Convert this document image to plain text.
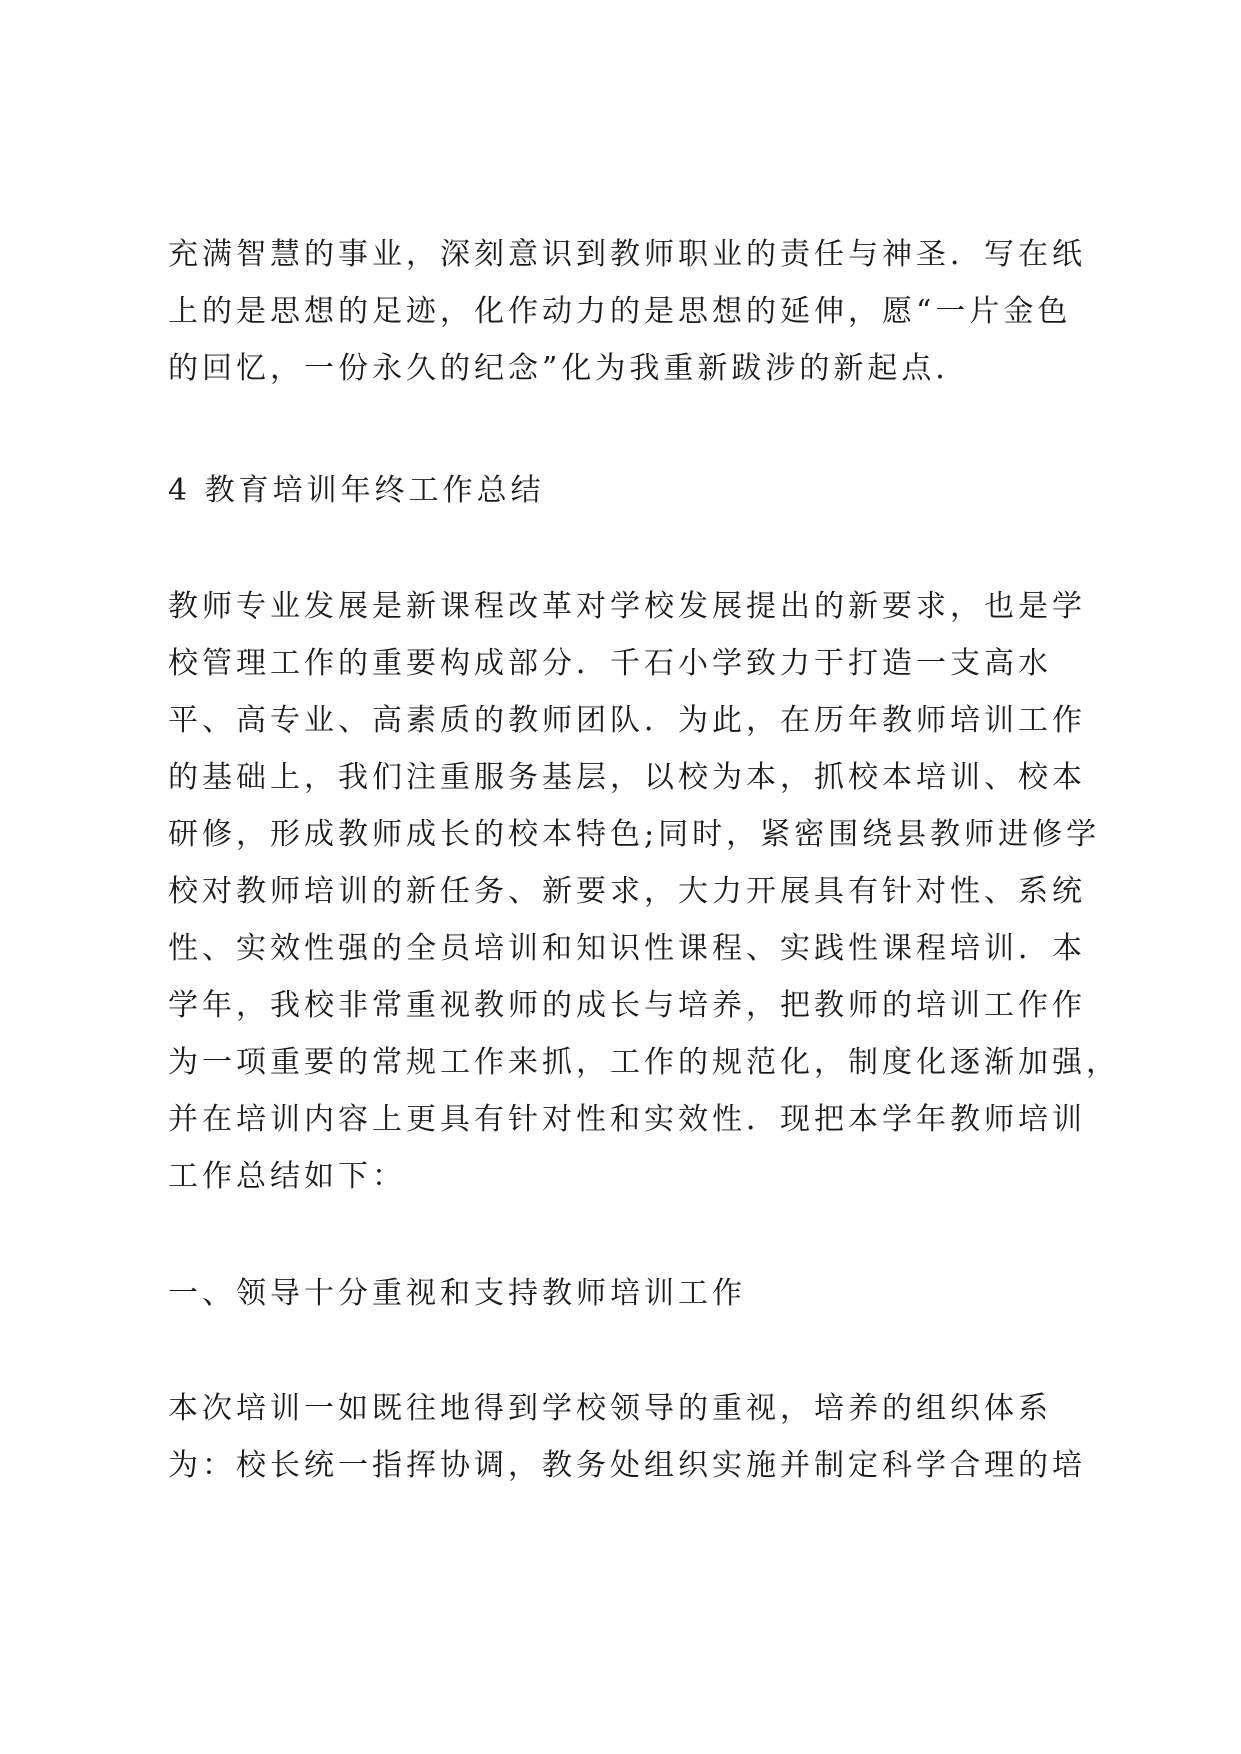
充满智慧的事业，深刻意识到教师职业的责任与神圣．写在纸
上的是思想的足迹，化作动力的是思想的延伸，愿“一片金色
的回忆，一份永久的纪念”化为我重新跋涉的新起点．
4 教育培训年终工作总结
教师专业发展是新课程改革对学校发展提出的新要求，也是学
校管理工作的重要构成部分．千石小学致力于打造一支高水
平、高专业、高素质的教师团队．为此，在历年教师培训工作
的基础上，我们注重服务基层，以校为本，抓校本培训、校本
研修，形成教师成长的校本特色;同时，紧密围绕县教师进修学
校对教师培训的新任务、新要求，大力开展具有针对性、系统
性、实效性强的全员培训和知识性课程、实践性课程培训．本
学年，我校非常重视教师的成长与培养，把教师的培训工作作
为一项重要的常规工作来抓，工作的规范化，制度化逐渐加强，
并在培训内容上更具有针对性和实效性．现把本学年教师培训
工作总结如下：
一、领导十分重视和支持教师培训工作
本次培训一如既往地得到学校领导的重视，培养的组织体系
为：校长统一指挥协调，教务处组织实施并制定科学合理的培
